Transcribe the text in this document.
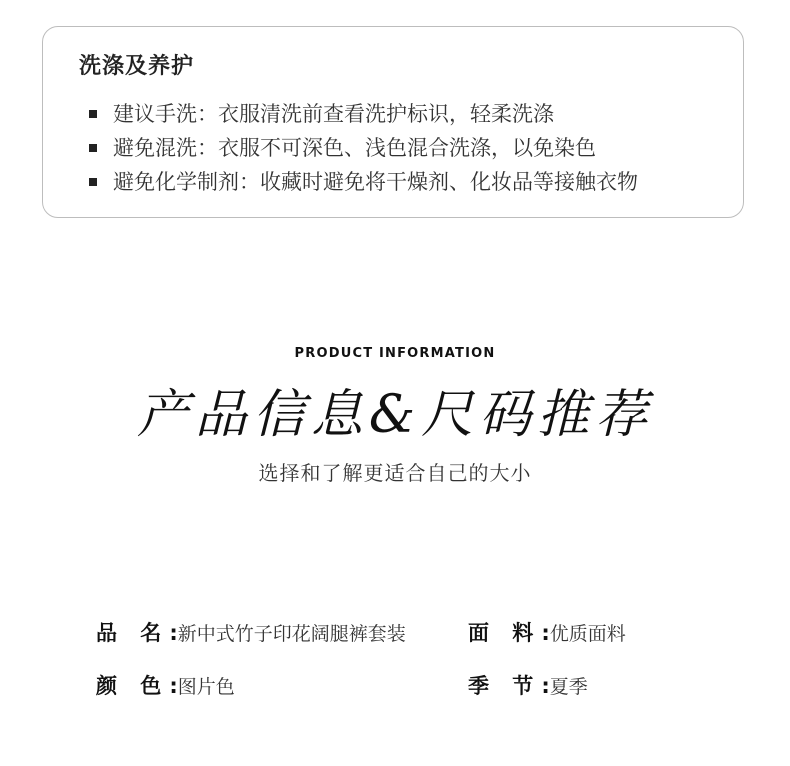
洗涤及养护
建议手洗：衣服清洗前查看洗护标识，轻柔洗涤
避免混洗：衣服不可深色、浅色混合洗涤，以免染色
避免化学制剂：收藏时避免将干燥剂、化妆品等接触衣物
PRODUCT INFORMATION
产品信息&尺码推荐
选择和了解更适合自己的大小
品 名:新中式竹子印花阔腿裤套装	面 料:优质面料
颜 色:图片色	季 节:夏季
